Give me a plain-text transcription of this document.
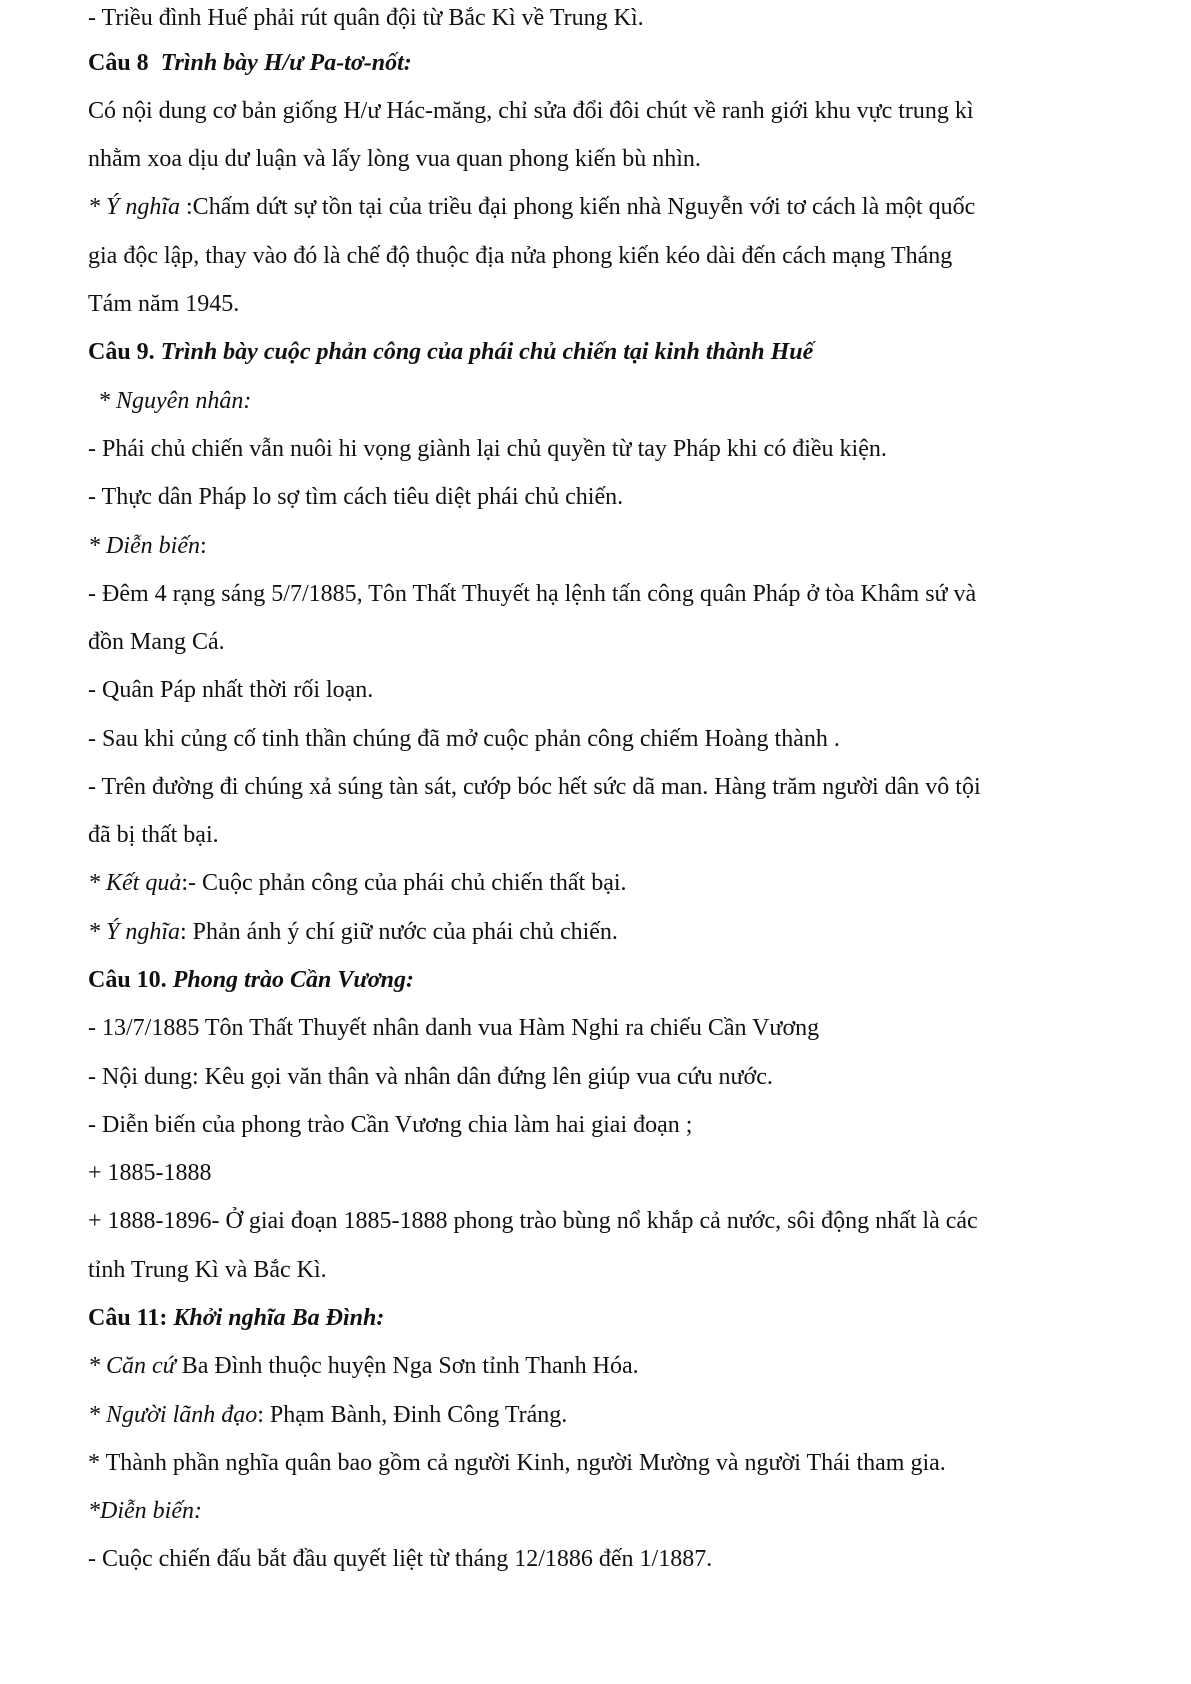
- Triều đình Huế phải rút quân đội từ Bắc Kì về Trung Kì.
Câu 8 Trình bày H/ư Pa-tơ-nốt:
Có nội dung cơ bản giống H/ư Hác-măng, chỉ sửa đổi đôi chút về ranh giới khu vực trung kì
nhằm xoa dịu dư luận và lấy lòng vua quan phong kiến bù nhìn.
* Ý nghĩa :Chấm dứt sự tồn tại của triều đại phong kiến nhà Nguyễn với tơ cách là một quốc
gia độc lập, thay vào đó là chế độ thuộc địa nửa phong kiến kéo dài đến cách mạng Tháng
Tám năm 1945.
Câu 9. Trình bày cuộc phản công của phái chủ chiến tại kinh thành Huế
* Nguyên nhân:
- Phái chủ chiến vẫn nuôi hi vọng giành lại chủ quyền từ tay Pháp khi có điều kiện.
- Thực dân Pháp lo sợ tìm cách tiêu diệt phái chủ chiến.
* Diễn biến:
- Đêm 4 rạng sáng 5/7/1885, Tôn Thất Thuyết hạ lệnh tấn công quân Pháp ở tòa Khâm sứ và
đồn Mang Cá.
- Quân Páp nhất thời rối loạn.
- Sau khi củng cố tinh thần chúng đã mở cuộc phản công chiếm Hoàng thành .
- Trên đường đi chúng xả súng tàn sát, cướp bóc hết sức dã man. Hàng trăm người dân vô tội
đã bị thất bại.
* Kết quả:- Cuộc phản công của phái chủ chiến thất bại.
* Ý nghĩa: Phản ánh ý chí giữ nước của phái chủ chiến.
Câu 10. Phong trào Cần Vương:
- 13/7/1885 Tôn Thất Thuyết nhân danh vua Hàm Nghi ra chiếu Cần Vương
- Nội dung: Kêu gọi văn thân và nhân dân đứng lên giúp vua cứu nước.
- Diễn biến của phong trào Cần Vương chia làm hai giai đoạn ;
+ 1885-1888
+ 1888-1896- Ở giai đoạn 1885-1888 phong trào bùng nổ khắp cả nước, sôi động nhất là các
tỉnh Trung Kì và Bắc Kì.
Câu 11: Khởi nghĩa Ba Đình:
* Căn cứ Ba Đình thuộc huyện Nga Sơn tỉnh Thanh Hóa.
* Người lãnh đạo: Phạm Bành, Đinh Công Tráng.
* Thành phần nghĩa quân bao gồm cả người Kinh, người Mường và người Thái tham gia.
*Diễn biến:
- Cuộc chiến đấu bắt đầu quyết liệt từ tháng 12/1886 đến 1/1887.
